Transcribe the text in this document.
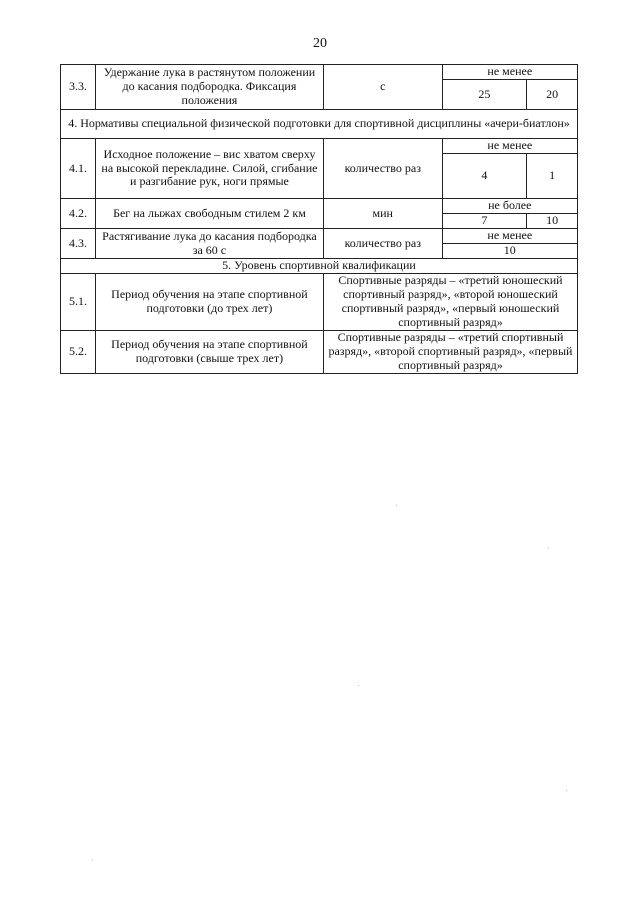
20
3.3.	Удержание лука в растянутом положении до касания подбородка. Фиксация положения	с	не менее	
			25	20
4. Нормативы специальной физической подготовки для спортивной дисциплины «ачери-биатлон»				
4.1.	Исходное положение – вис хватом сверху на высокой перекладине. Силой, сгибание и разгибание рук, ноги прямые	количество раз	не менее	
			4	1
4.2.	Бег на лыжах свободным стилем 2 км	мин	не более	
			7	10
4.3.	Растягивание лука до касания подбородка за 60 с	количество раз	не менее	
			10	
5. Уровень спортивной квалификации				
5.1.	Период обучения на этапе спортивной подготовки (до трех лет)	Спортивные разряды – «третий юношеский спортивный разряд», «второй юношеский спортивный разряд», «первый юношеский спортивный разряд»		
5.2.	Период обучения на этапе спортивной подготовки (свыше трех лет)	Спортивные разряды – «третий спортивный разряд», «второй спортивный разряд», «первый спортивный разряд»		
